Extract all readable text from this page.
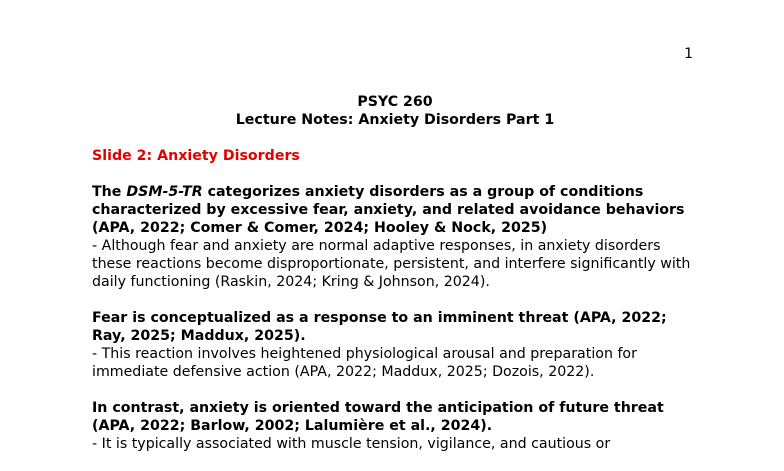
1
PSYC 260
Lecture Notes: Anxiety Disorders Part 1
Slide 2: Anxiety Disorders
The DSM-5-TR categorizes anxiety disorders as a group of conditions characterized by excessive fear, anxiety, and related avoidance behaviors (APA, 2022; Comer & Comer, 2024; Hooley & Nock, 2025)
- Although fear and anxiety are normal adaptive responses, in anxiety disorders these reactions become disproportionate, persistent, and interfere significantly with daily functioning (Raskin, 2024; Kring & Johnson, 2024).
Fear is conceptualized as a response to an imminent threat (APA, 2022; Ray, 2025; Maddux, 2025).
- This reaction involves heightened physiological arousal and preparation for immediate defensive action (APA, 2022; Maddux, 2025; Dozois, 2022).
In contrast, anxiety is oriented toward the anticipation of future threat (APA, 2022; Barlow, 2002; Lalumière et al., 2024).
- It is typically associated with muscle tension, vigilance, and cautious or
